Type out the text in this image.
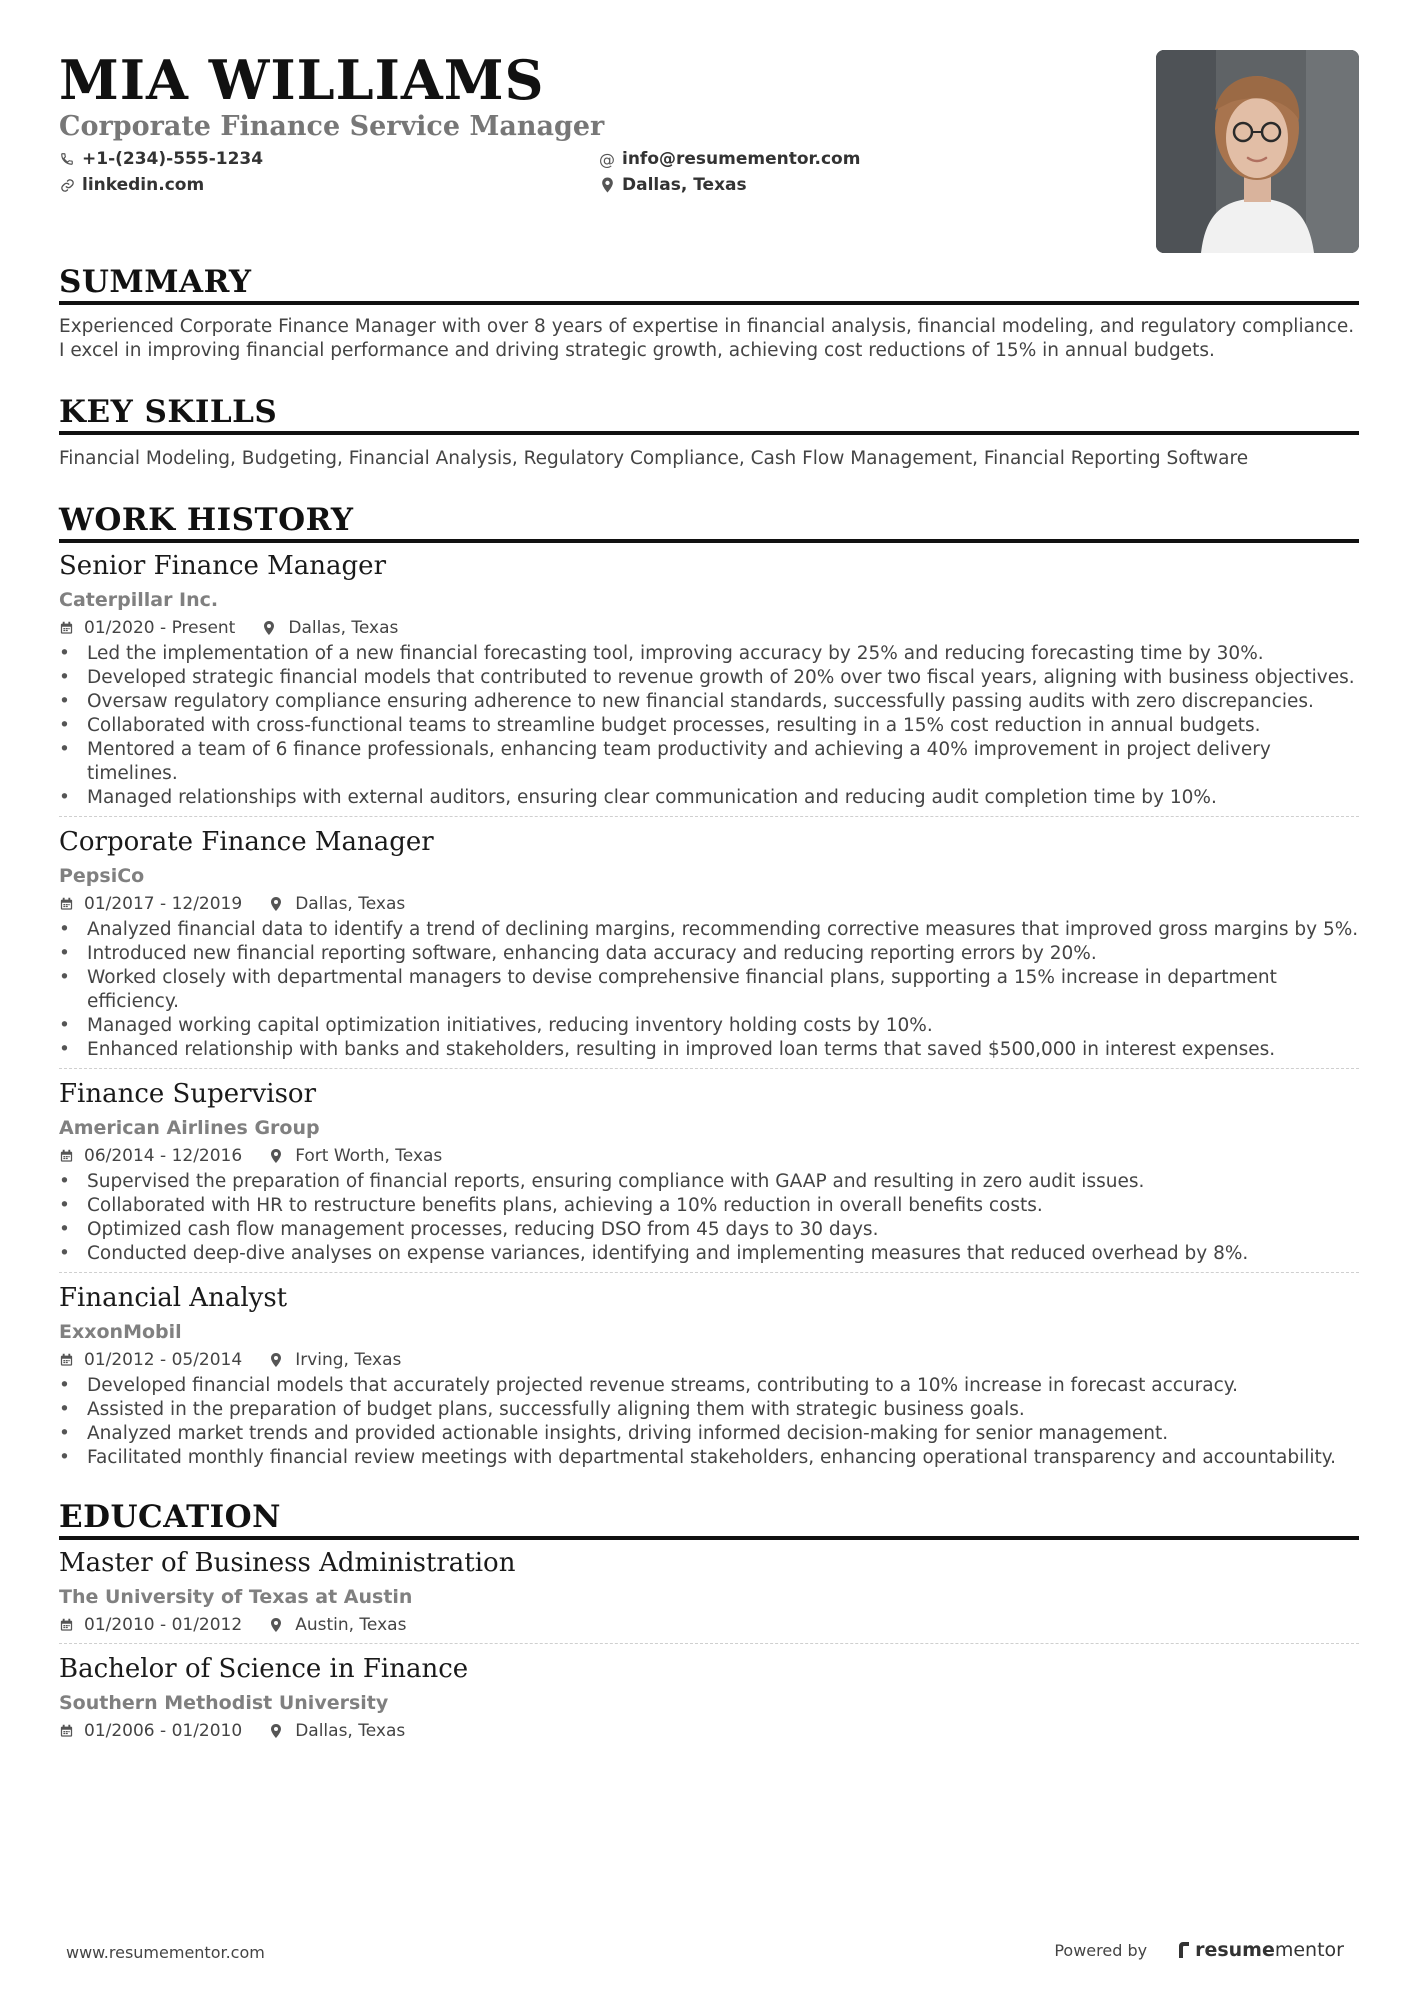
MIA WILLIAMS
Corporate Finance Service Manager
+1-(234)-555-1234	@ info@resumementor.com
linkedin.com	Dallas, Texas
SUMMARY
Experienced Corporate Finance Manager with over 8 years of expertise in financial analysis, financial modeling, and regulatory compliance. I excel in improving financial performance and driving strategic growth, achieving cost reductions of 15% in annual budgets.
KEY SKILLS
Financial Modeling, Budgeting, Financial Analysis, Regulatory Compliance, Cash Flow Management, Financial Reporting Software
WORK HISTORY
Senior Finance Manager
Caterpillar Inc.
01/2020 - Present	Dallas, Texas
• Led the implementation of a new financial forecasting tool, improving accuracy by 25% and reducing forecasting time by 30%.
• Developed strategic financial models that contributed to revenue growth of 20% over two fiscal years, aligning with business objectives.
• Oversaw regulatory compliance ensuring adherence to new financial standards, successfully passing audits with zero discrepancies.
• Collaborated with cross-functional teams to streamline budget processes, resulting in a 15% cost reduction in annual budgets.
• Mentored a team of 6 finance professionals, enhancing team productivity and achieving a 40% improvement in project delivery timelines.
• Managed relationships with external auditors, ensuring clear communication and reducing audit completion time by 10%.
Corporate Finance Manager
PepsiCo
01/2017 - 12/2019	Dallas, Texas
• Analyzed financial data to identify a trend of declining margins, recommending corrective measures that improved gross margins by 5%.
• Introduced new financial reporting software, enhancing data accuracy and reducing reporting errors by 20%.
• Worked closely with departmental managers to devise comprehensive financial plans, supporting a 15% increase in department efficiency.
• Managed working capital optimization initiatives, reducing inventory holding costs by 10%.
• Enhanced relationship with banks and stakeholders, resulting in improved loan terms that saved $500,000 in interest expenses.
Finance Supervisor
American Airlines Group
06/2014 - 12/2016	Fort Worth, Texas
• Supervised the preparation of financial reports, ensuring compliance with GAAP and resulting in zero audit issues.
• Collaborated with HR to restructure benefits plans, achieving a 10% reduction in overall benefits costs.
• Optimized cash flow management processes, reducing DSO from 45 days to 30 days.
• Conducted deep-dive analyses on expense variances, identifying and implementing measures that reduced overhead by 8%.
Financial Analyst
ExxonMobil
01/2012 - 05/2014	Irving, Texas
• Developed financial models that accurately projected revenue streams, contributing to a 10% increase in forecast accuracy.
• Assisted in the preparation of budget plans, successfully aligning them with strategic business goals.
• Analyzed market trends and provided actionable insights, driving informed decision-making for senior management.
• Facilitated monthly financial review meetings with departmental stakeholders, enhancing operational transparency and accountability.
EDUCATION
Master of Business Administration
The University of Texas at Austin
01/2010 - 01/2012	Austin, Texas
Bachelor of Science in Finance
Southern Methodist University
01/2006 - 01/2010	Dallas, Texas
www.resumementor.com	Powered by	resume mentor
